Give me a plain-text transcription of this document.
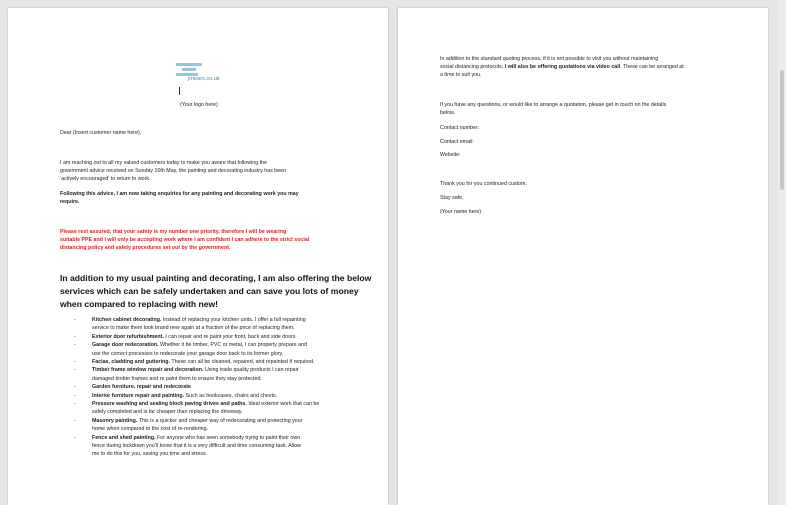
jmears.co.uk
(Your logo here)
Dear (Insert customer name here),
I am reaching out to all my valued customers today to make you aware that following the
government advice received on Sunday 10th May, the painting and decorating industry has been
‘actively encouraged’ to return to work.
Following this advice, I am now taking enquiries for any painting and decorating work you may
require.
Please rest assured, that your safety is my number one priority, therefore I will be wearing
suitable PPE and I will only be accepting work where I am confident I can adhere to the strict social
distancing policy and safety procedures set out by the government.
In addition to my usual painting and decorating, I am also offering the below
services which can be safely undertaken and can save you lots of money
when compared to replacing with new!
-	Kitchen cabinet decorating. Instead of replacing your kitchen units, I offer a full repainting
service to make them look brand new again at a fraction of the price of replacing them.
-	Exterior door refurbishment. I can repair and re paint your front, back and side doors
-	Garage door redecoration. Whether it be timber, PVC or metal, I can properly prepare and
use the correct processes to redecorate your garage door back to its former glory.
-	Facias, cladding and guttering. These can all be cleaned, repaired, and repainted if required.
-	Timber frame window repair and decoration. Using trade quality products I can repair
damaged timber frames and re paint them to ensure they stay protected.
-	Garden furniture, repair and redecorate
-	Interior furniture repair and painting. Such as bookcases, chairs and chests.
-	Pressure washing and sealing block paving drives and paths. Ideal exterior work that can be
safely completed and is far cheaper than replacing the driveway.
-	Masonry painting. This is a quicker and cheaper way of redecorating and protecting your
home when compared to the cost of re-rendering.
-	Fence and shed painting. For anyone who has seen somebody trying to paint their own
fence during lockdown you’ll know that it is a very difficult and time consuming task. Allow
me to do this for you, saving you time and stress.
In addition to the standard quoting process, if it is not possible to visit you without maintaining
social distancing protocols, I will also be offering quotations via video call. These can be arranged at
a time to suit you.
If you have any questions, or would like to arrange a quotation, please get in touch on the details
below.
Contact number:
Contact email:
Website:
Thank you for you continued custom.
Stay safe,
(Your name here)
